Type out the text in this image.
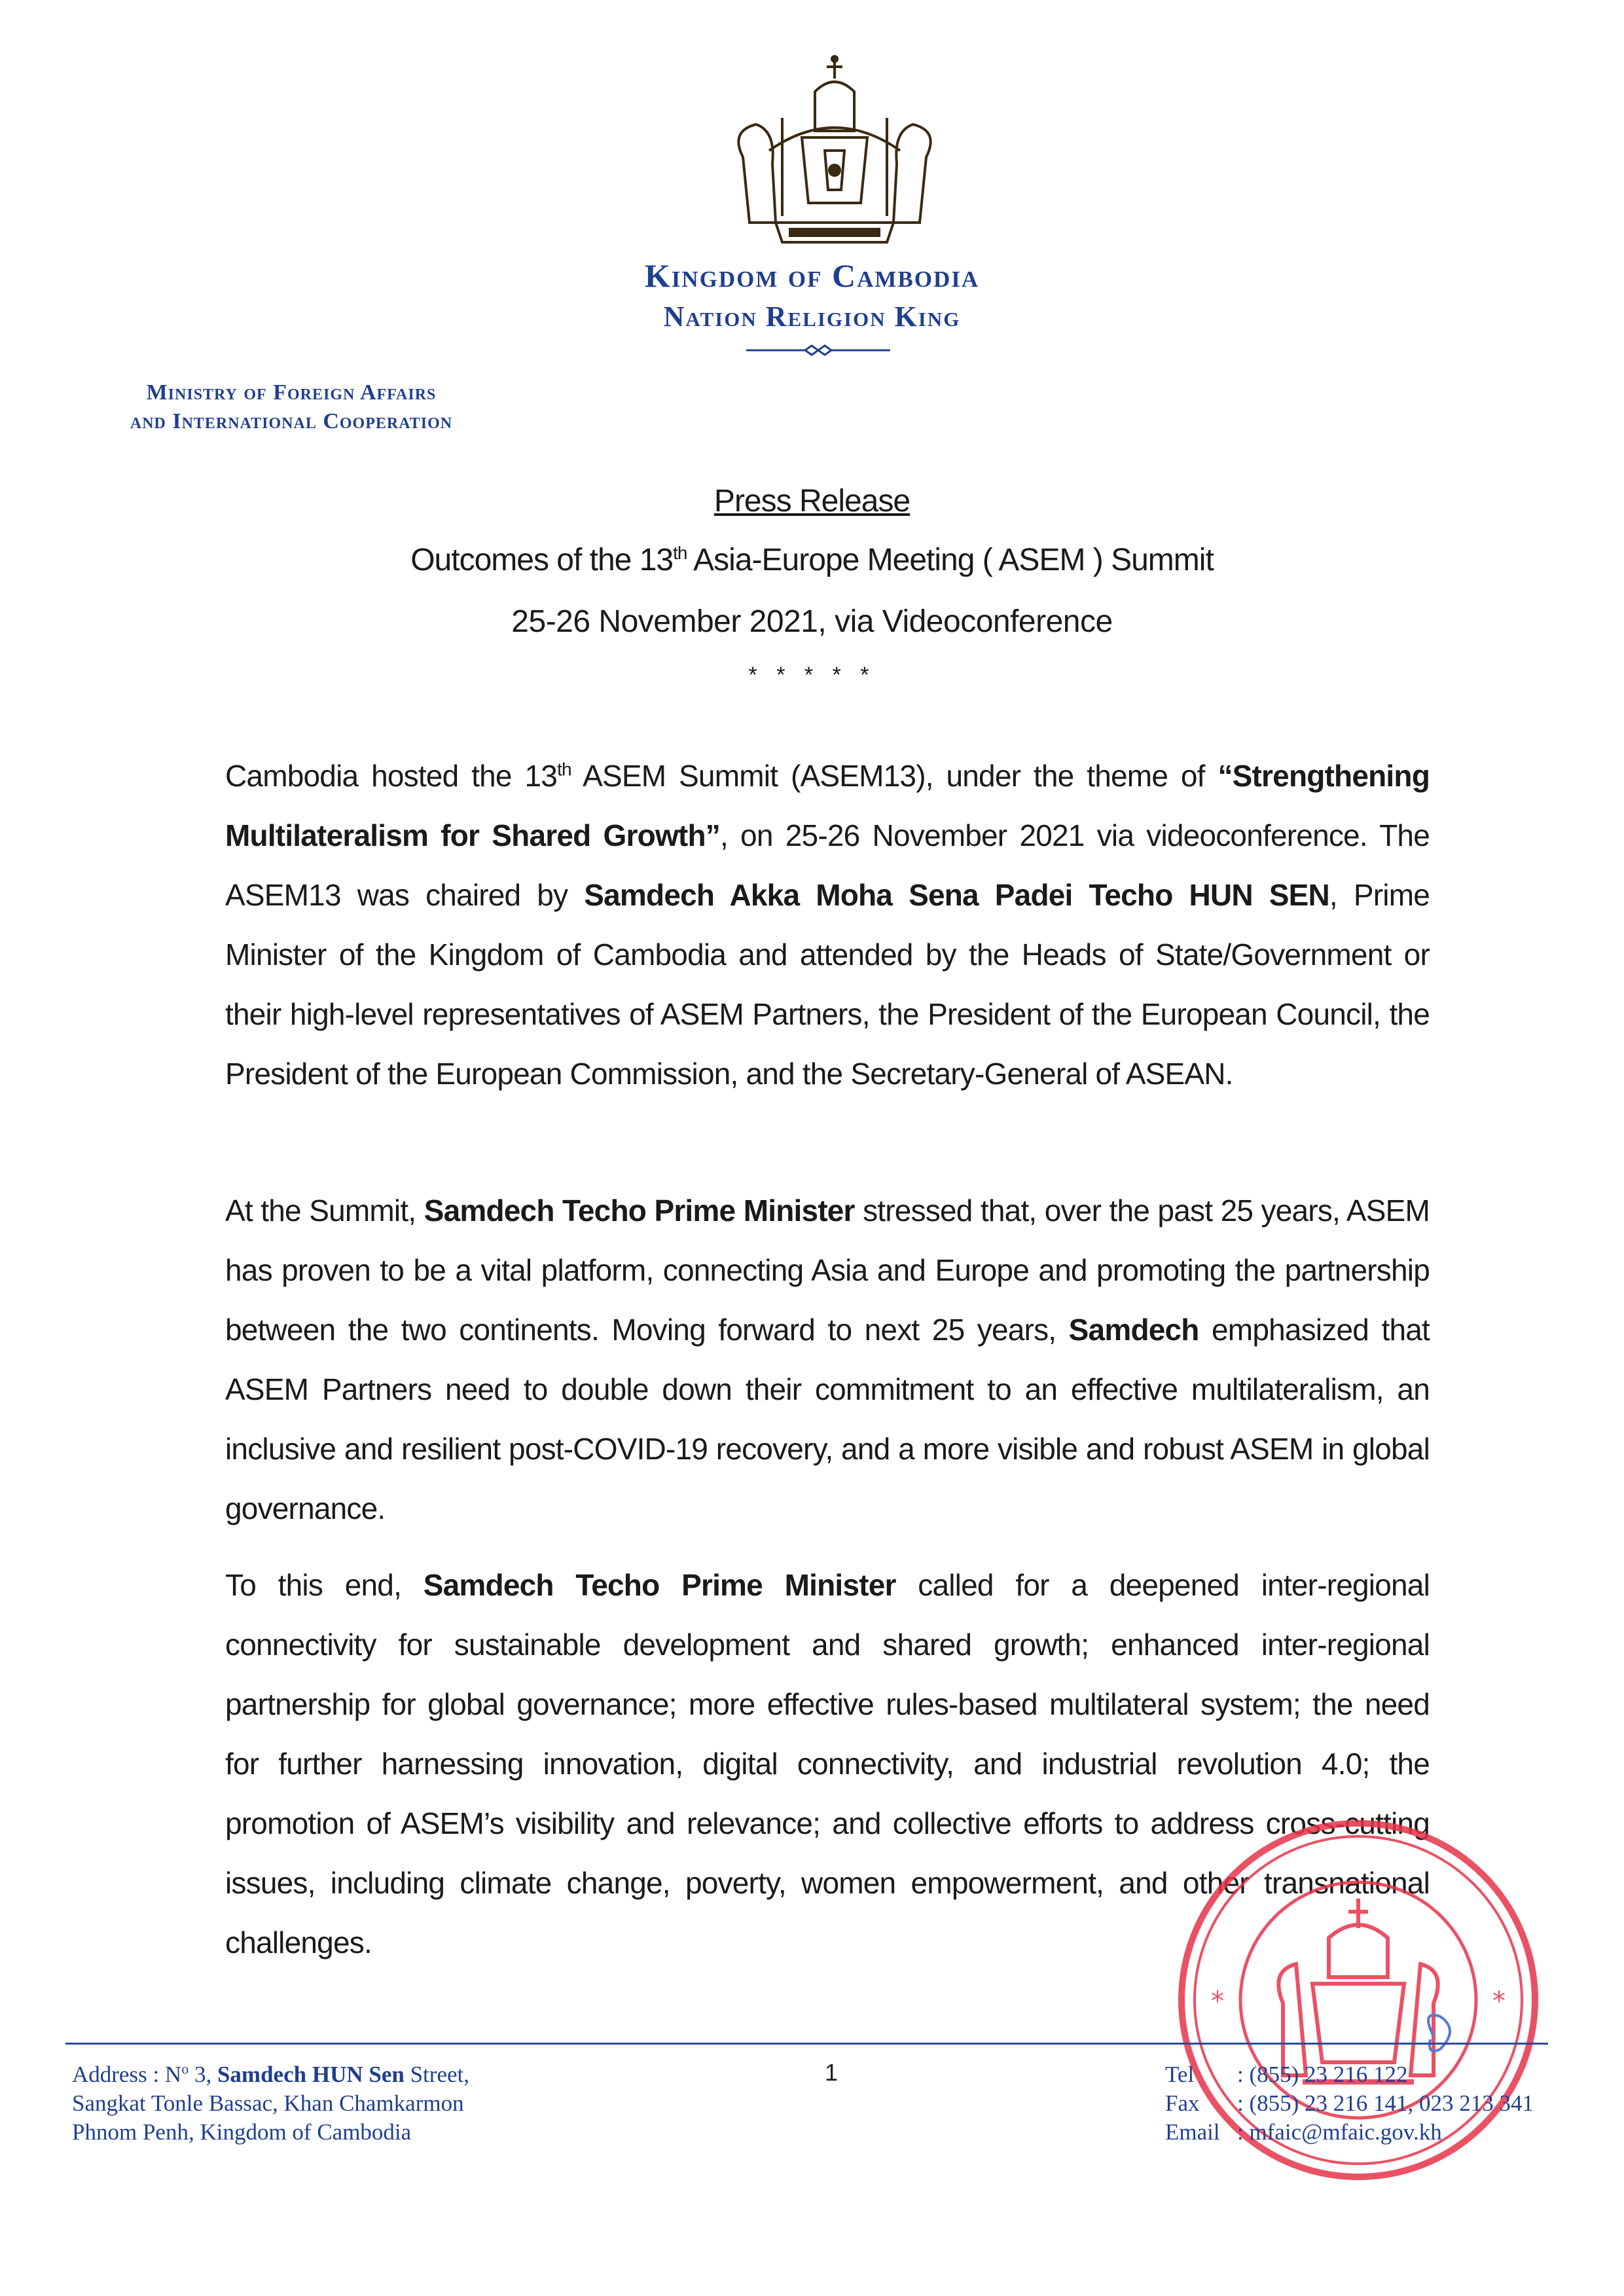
Kingdom of Cambodia
Nation Religion King
Ministry of Foreign Affairs
and International Cooperation
Press Release
Outcomes of the 13th Asia-Europe Meeting ( ASEM ) Summit
25-26 November 2021, via Videoconference
* * * * *

Cambodia hosted the 13th ASEM Summit (ASEM13), under the theme of “Strengthening Multilateralism for Shared Growth”, on 25-26 November 2021 via videoconference. The ASEM13 was chaired by Samdech Akka Moha Sena Padei Techo HUN SEN, Prime Minister of the Kingdom of Cambodia and attended by the Heads of State/Government or their high-level representatives of ASEM Partners, the President of the European Council, the President of the European Commission, and the Secretary-General of ASEAN.

At the Summit, Samdech Techo Prime Minister stressed that, over the past 25 years, ASEM has proven to be a vital platform, connecting Asia and Europe and promoting the partnership between the two continents. Moving forward to next 25 years, Samdech emphasized that ASEM Partners need to double down their commitment to an effective multilateralism, an inclusive and resilient post-COVID-19 recovery, and a more visible and robust ASEM in global governance.

To this end, Samdech Techo Prime Minister called for a deepened inter-regional connectivity for sustainable development and shared growth; enhanced inter-regional partnership for global governance; more effective rules-based multilateral system; the need for further harnessing innovation, digital connectivity, and industrial revolution 4.0; the promotion of ASEM’s visibility and relevance; and collective efforts to address cross-cutting issues, including climate change, poverty, women empowerment, and other transnational challenges.

*	*
Address : $N^o$ 3, Samdech HUN Sen Street,
Sangkat Tonle Bassac, Khan Chamkarmon
Phnom Penh, Kingdom of Cambodia
1	Tel	: (855) 23 216 122
Fax	: (855) 23 216 141, 023 213 341
Email : mfaic@mfaic.gov.kh
